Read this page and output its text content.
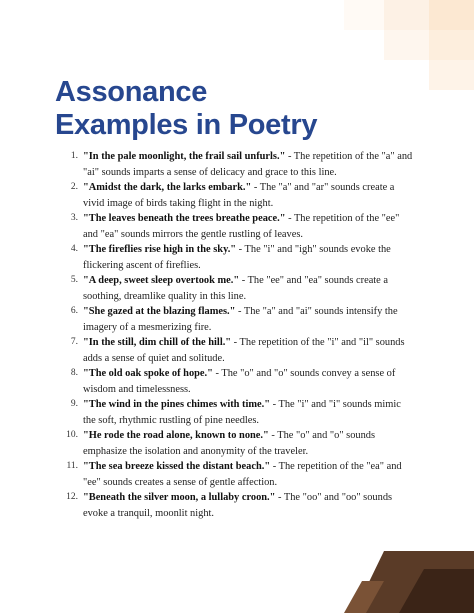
Assonance
Examples in Poetry
1. "In the pale moonlight, the frail sail unfurls." - The repetition of the "a" and "ai" sounds imparts a sense of delicacy and grace to this line.
2. "Amidst the dark, the larks embark." - The "a" and "ar" sounds create a vivid image of birds taking flight in the night.
3. "The leaves beneath the trees breathe peace." - The repetition of the "ee" and "ea" sounds mirrors the gentle rustling of leaves.
4. "The fireflies rise high in the sky." - The "i" and "igh" sounds evoke the flickering ascent of fireflies.
5. "A deep, sweet sleep overtook me." - The "ee" and "ea" sounds create a soothing, dreamlike quality in this line.
6. "She gazed at the blazing flames." - The "a" and "ai" sounds intensify the imagery of a mesmerizing fire.
7. "In the still, dim chill of the hill." - The repetition of the "i" and "il" sounds adds a sense of quiet and solitude.
8. "The old oak spoke of hope." - The "o" and "o" sounds convey a sense of wisdom and timelessness.
9. "The wind in the pines chimes with time." - The "i" and "i" sounds mimic the soft, rhythmic rustling of pine needles.
10. "He rode the road alone, known to none." - The "o" and "o" sounds emphasize the isolation and anonymity of the traveler.
11. "The sea breeze kissed the distant beach." - The repetition of the "ea" and "ee" sounds creates a sense of gentle affection.
12. "Beneath the silver moon, a lullaby croon." - The "oo" and "oo" sounds evoke a tranquil, moonlit night.
